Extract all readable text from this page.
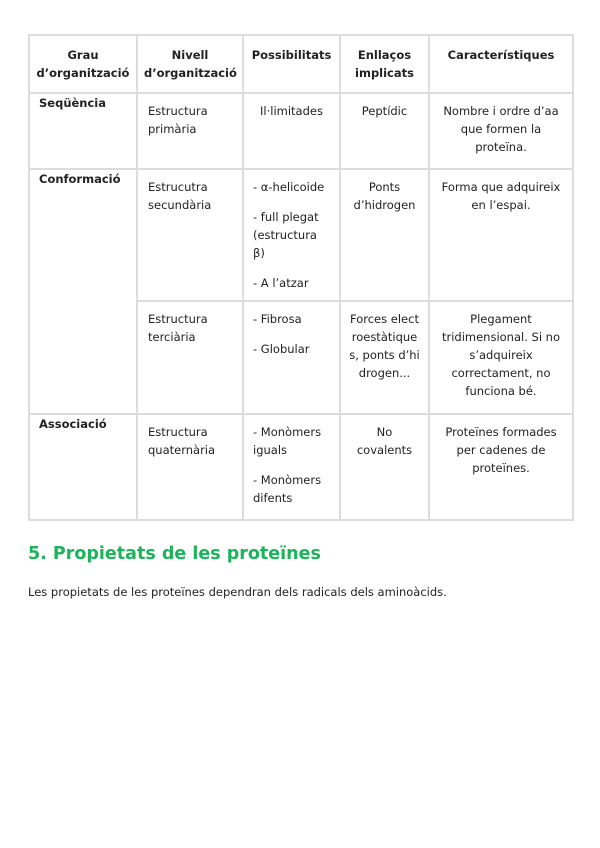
Grau d’organització	Nivell d’organització	Possibilitats	Enllaços implicats	Característiques
Seqüència	Estructura primària	Il·limitades	Peptídic	Nombre i ordre d’aa que formen la proteïna.
Conformació	Estrucutra secundària	- α-helicoide

- full plegat (estructura β)

- A l’atzar	Ponts d’hidrogen	Forma que adquireix en l’espai.
	Estructura terciària	- Fibrosa

- Globular	Forces electroestàtiques, ponts d’hidrogen...	Plegament tridimensional. Si no s’adquireix correctament, no funciona bé.
Associació	Estructura quaternària	- Monòmers iguals

- Monòmers difents	No covalents	Proteïnes formades per cadenes de proteïnes.
5. Propietats de les proteïnes

Les propietats de les proteïnes dependran dels radicals dels aminoàcids.
